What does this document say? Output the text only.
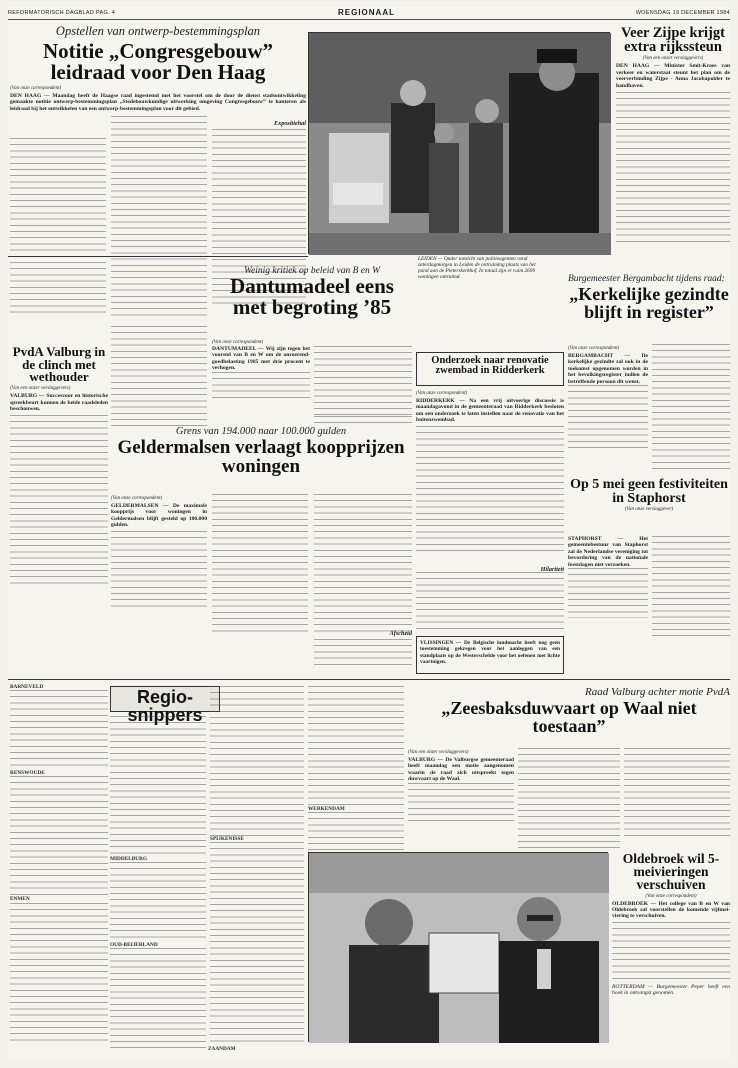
REFORMATORISCH DAGBLAD PAG. 4	REGIONAAL	WOENSDAG 19 DECEMBER 1984
Opstellen van ontwerp-bestemmingsplan
Notitie „Congresgebouw” leidraad voor Den Haag
(Van onze correspondent)
DEN HAAG — Maandag heeft de Haagse raad ingestemd met het voorstel om de door de dienst stadsontwikkeling gemaakte notitie ontwerp-bestemmingsplan „Stedebouwkundige uitwerking omgeving Congresgebouw” te hanteren als leidraad bij het ontwikkelen van een ontwerp-bestemmingsplan voor dit gebied.
Expositiehal
LEIDEN — Onder toezicht van politieagenten vond zaterdagmorgen in Leiden de ontruiming plaats van het pand aan de Pieterskerkhof. In totaal zijn er ruim 2600 woningen ontruimd.
Veer Zijpe krijgt extra rijkssteun
(Van een onzer verslaggevers)
DEN HAAG — Minister Smit-Kroes van verkeer en waterstaat steunt het plan om de veerverbinding Zijpe - Anna Jacobapolder te handhaven.
Weinig kritiek op beleid van B en W
Dantumadeel eens met begroting ’85
(Van onze correspondent)
DANTUMADEEL — Wij zijn tegen het voorstel van B en W om de onroerend-goedbelasting 1985 met drie procent te verhogen.
Burgemeester Bergambacht tijdens raad:
„Kerkelijke gezindte blijft in register”
(Van onze correspondent)
BERGAMBACHT — De kerkelijke gezindte zal ook in de toekomst opgenomen worden in het bevolkingsregister indien de betreffende persoon dit wenst.
Onderzoek naar renovatie zwembad in Ridderkerk
(Van onze correspondent)
RIDDERKERK — Na een vrij uitvoerige discussie is maandagavond in de gemeenteraad van Ridderkerk besloten om een onderzoek te laten instellen naar de renovatie van het buitenzwembad.
PvdA Valburg in de clinch met wethouder
(Van een onzer verslaggevers)
VALBURG — Succesvoor en historische spreekbeurt kunnen de beide raadsleden beschouwen.
Grens van 194.000 naar 100.000 gulden
Geldermalsen verlaagt koopprijzen woningen
(Van onze correspondent)
GELDERMALSEN — De maximale koopprijs voor woningen in Geldermalsen blijft gesteld op 100.000 gulden.
Op 5 mei geen festiviteiten in Staphorst
(Van onze verslaggever)
STAPHORST — Het gemeentebestuur van Staphorst zal de Nederlandse vereniging tot bevordering van de nationale feestdagen niet verzoeken.
Hilariteit
VLISSINGEN — De Belgische landmacht heeft nog geen toestemming gekregen voor het aanleggen van een standplaats op de Westerschelde voor het oefenen met lichte vaartuigen.
Afscheid
BARNEVELD
RENSWOUDE
ENMEN
Regio-snippers
MIDDELBURG
OUD-BEIJERLAND
SPIJKENISSE
WERKENDAM
Raad Valburg achter motie PvdA
„Zeesbaksduwvaart op Waal niet toestaan”
(Van een onzer verslaggevers)
VALBURG — De Valburgse gemeenteraad heeft maandag een motie aangenomen waarin de raad zich uitspreekt tegen duwvaart op de Waal.
Oldebroek wil 5-meivieringen verschuiven
(Van onze correspondent)
OLDEBROEK — Het college van B en W van Oldebroek zal voorstellen de komende vijfmei-viering te verschuiven.
ROTTERDAM — Burgemeester Peper heeft een boek in ontvangst genomen.
ZAANDAM
